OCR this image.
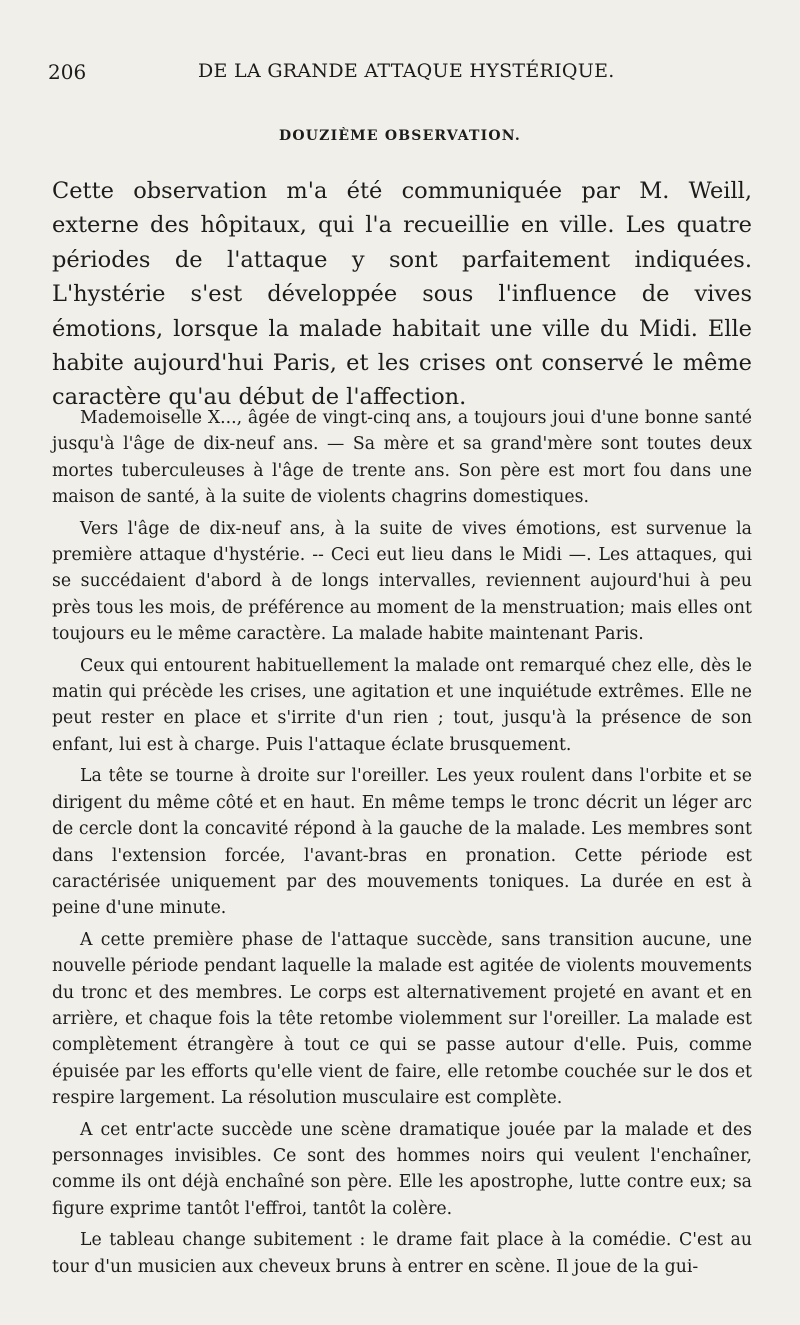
206	DE LA GRANDE ATTAQUE HYSTÉRIQUE.
DOUZIÈME OBSERVATION.
Cette observation m'a été communiquée par M. Weill, externe des hôpitaux, qui l'a recueillie en ville. Les quatre périodes de l'attaque y sont parfaitement indiquées. L'hystérie s'est développée sous l'influence de vives émotions, lorsque la malade habitait une ville du Midi. Elle habite aujourd'hui Paris, et les crises ont conservé le même caractère qu'au début de l'affection.

Mademoiselle X..., âgée de vingt-cinq ans, a toujours joui d'une bonne santé jusqu'à l'âge de dix-neuf ans. — Sa mère et sa grand'mère sont toutes deux mortes tuberculeuses à l'âge de trente ans. Son père est mort fou dans une maison de santé, à la suite de violents chagrins domestiques.

Vers l'âge de dix-neuf ans, à la suite de vives émotions, est survenue la première attaque d'hystérie. -- Ceci eut lieu dans le Midi —. Les attaques, qui se succédaient d'abord à de longs intervalles, reviennent aujourd'hui à peu près tous les mois, de préférence au moment de la menstruation; mais elles ont toujours eu le même caractère. La malade habite maintenant Paris.

Ceux qui entourent habituellement la malade ont remarqué chez elle, dès le matin qui précède les crises, une agitation et une inquiétude extrêmes. Elle ne peut rester en place et s'irrite d'un rien ; tout, jusqu'à la présence de son enfant, lui est à charge. Puis l'attaque éclate brusquement.

La tête se tourne à droite sur l'oreiller. Les yeux roulent dans l'orbite et se dirigent du même côté et en haut. En même temps le tronc décrit un léger arc de cercle dont la concavité répond à la gauche de la malade. Les membres sont dans l'extension forcée, l'avant-bras en pronation. Cette période est caractérisée uniquement par des mouvements toniques. La durée en est à peine d'une minute.

A cette première phase de l'attaque succède, sans transition aucune, une nouvelle période pendant laquelle la malade est agitée de violents mouvements du tronc et des membres. Le corps est alternativement projeté en avant et en arrière, et chaque fois la tête retombe violemment sur l'oreiller. La malade est complètement étrangère à tout ce qui se passe autour d'elle. Puis, comme épuisée par les efforts qu'elle vient de faire, elle retombe couchée sur le dos et respire largement. La résolution musculaire est complète.

A cet entr'acte succède une scène dramatique jouée par la malade et des personnages invisibles. Ce sont des hommes noirs qui veulent l'enchaîner, comme ils ont déjà enchaîné son père. Elle les apostrophe, lutte contre eux; sa figure exprime tantôt l'effroi, tantôt la colère.

Le tableau change subitement : le drame fait place à la comédie. C'est au tour d'un musicien aux cheveux bruns à entrer en scène. Il joue de la gui-
